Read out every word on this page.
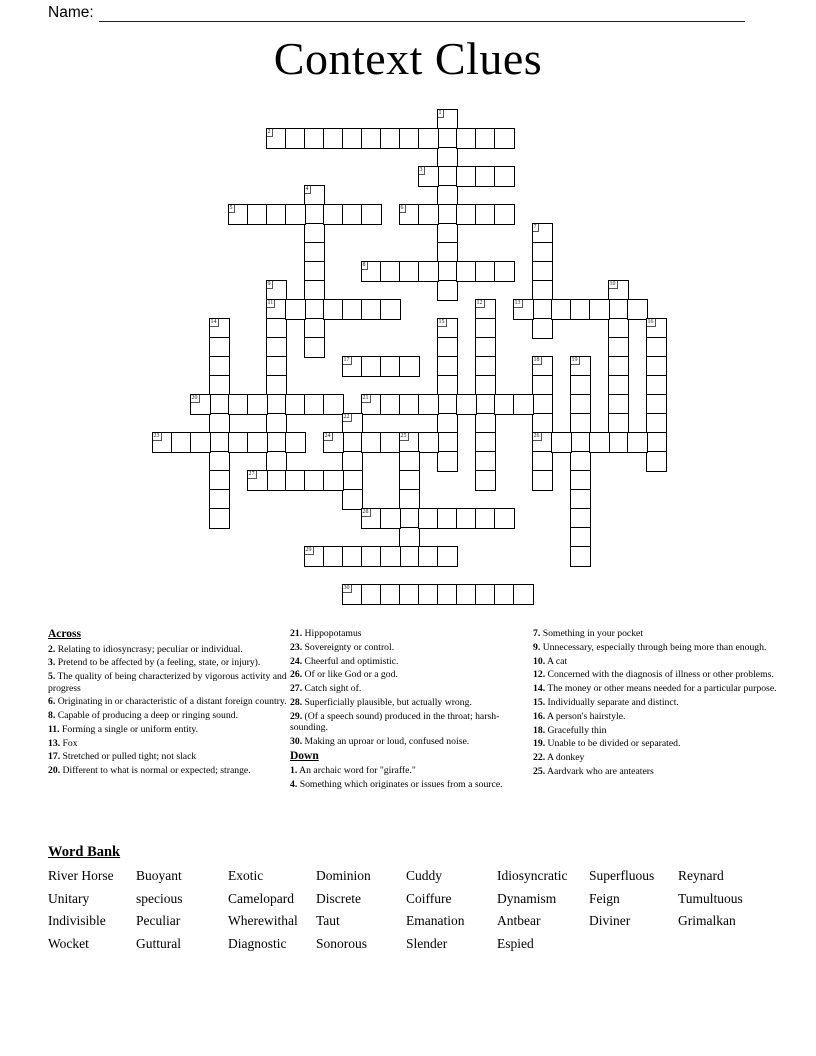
Name:
Context Clues
1
2
3
4
5	6
7
8
9
11
10
12	13
14	15	16
17	18
26
19
20	21
22
23	24	25
27
28
29
30
Across

2. Relating to idiosyncrasy; peculiar or individual.

3. Pretend to be affected by (a feeling, state, or injury).

5. The quality of being characterized by vigorous activity and progress

6. Originating in or characteristic of a distant foreign country.

8. Capable of producing a deep or ringing sound.

11. Forming a single or uniform entity.

13. Fox

17. Stretched or pulled tight; not slack

20. Different to what is normal or expected; strange.

21. Hippopotamus

23. Sovereignty or control.

24. Cheerful and optimistic.

26. Of or like God or a god.

27. Catch sight of.

28. Superficially plausible, but actually wrong.

29. (Of a speech sound) produced in the throat; harsh-sounding.

30. Making an uproar or loud, confused noise.

Down

1. An archaic word for "giraffe."

4. Something which originates or issues from a source.

7. Something in your pocket

9. Unnecessary, especially through being more than enough.

10. A cat

12. Concerned with the diagnosis of illness or other problems.

14. The money or other means needed for a particular purpose.

15. Individually separate and distinct.

16. A person's hairstyle.

18. Gracefully thin

19. Unable to be divided or separated.

22. A donkey

25. Aardvark who are anteaters

Word Bank

River Horse	Buoyant	Exotic	Dominion	Cuddy	Idiosyncratic	Superfluous	Reynard
Unitary	specious	Camelopard	Discrete	Coiffure	Dynamism	Feign	Tumultuous
Indivisible	Peculiar	Wherewithal	Taut	Emanation	Antbear	Diviner	Grimalkan
Wocket	Guttural	Diagnostic	Sonorous	Slender	Espied
